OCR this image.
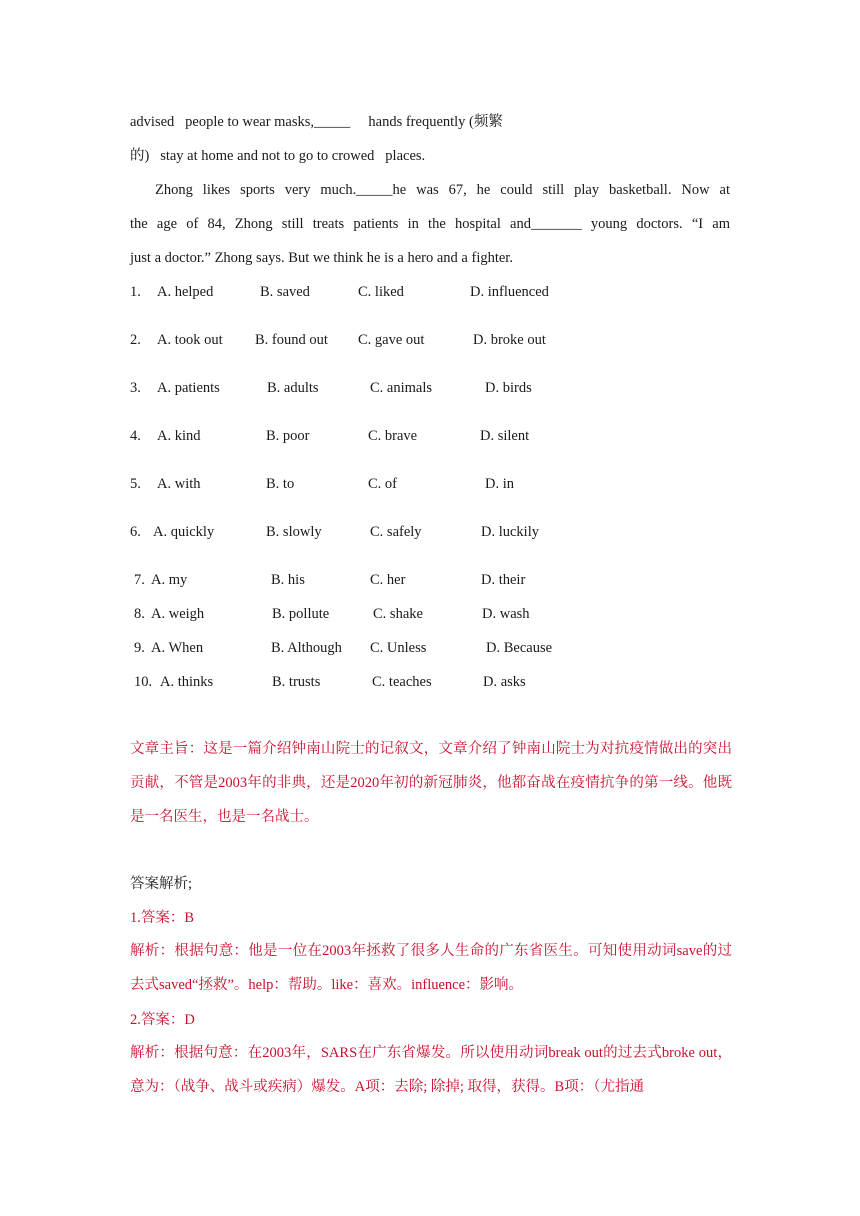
advised   people to wear masks,_____     hands frequently (频繁
的)   stay at home and not to go to crowed   places.
Zhong likes sports very much._____he was 67, he could still play basketball. Now at
the age of 84, Zhong still treats patients in the hospital and_______ young doctors. “I am
just a doctor.” Zhong says. But we think he is a hero and a fighter.
1. A. helped	B. saved	C. liked	D. influenced
2. A. took out B. found out C. gave out	D. broke out
3. A. patients	B. adults	C. animals	D. birds
4. A. kind	B. poor	C. brave	D. silent
5. A. with	B. to	C. of	D. in
6. A. quickly	B. slowly	C. safely	D. luckily
7. A. my	B. his	C. her	D. their
8. A. weigh	B. pollute	C. shake	D. wash
9. A. When	B. Although C. Unless	D. Because
10. A. thinks	B. trusts	C. teaches	D. asks
文章主旨：这是一篇介绍钟南山院士的记叙文，文章介绍了钟南山院士为对抗疫情做出的突出贡献，不管是2003年的非典，还是2020年初的新冠肺炎，他都奋战在疫情抗争的第一线。他既是一名医生，也是一名战士。
答案解析;
1.答案：B
解析：根据句意：他是一位在2003年拯救了很多人生命的广东省医生。可知使用动词save的过去式saved“拯救”。help：帮助。like：喜欢。influence：影响。
2.答案：D
解析：根据句意：在2003年，SARS在广东省爆发。所以使用动词break out的过去式broke out，意为：（战争、战斗或疾病）爆发。A项：去除; 除掉; 取得，获得。B项：（尤指通
